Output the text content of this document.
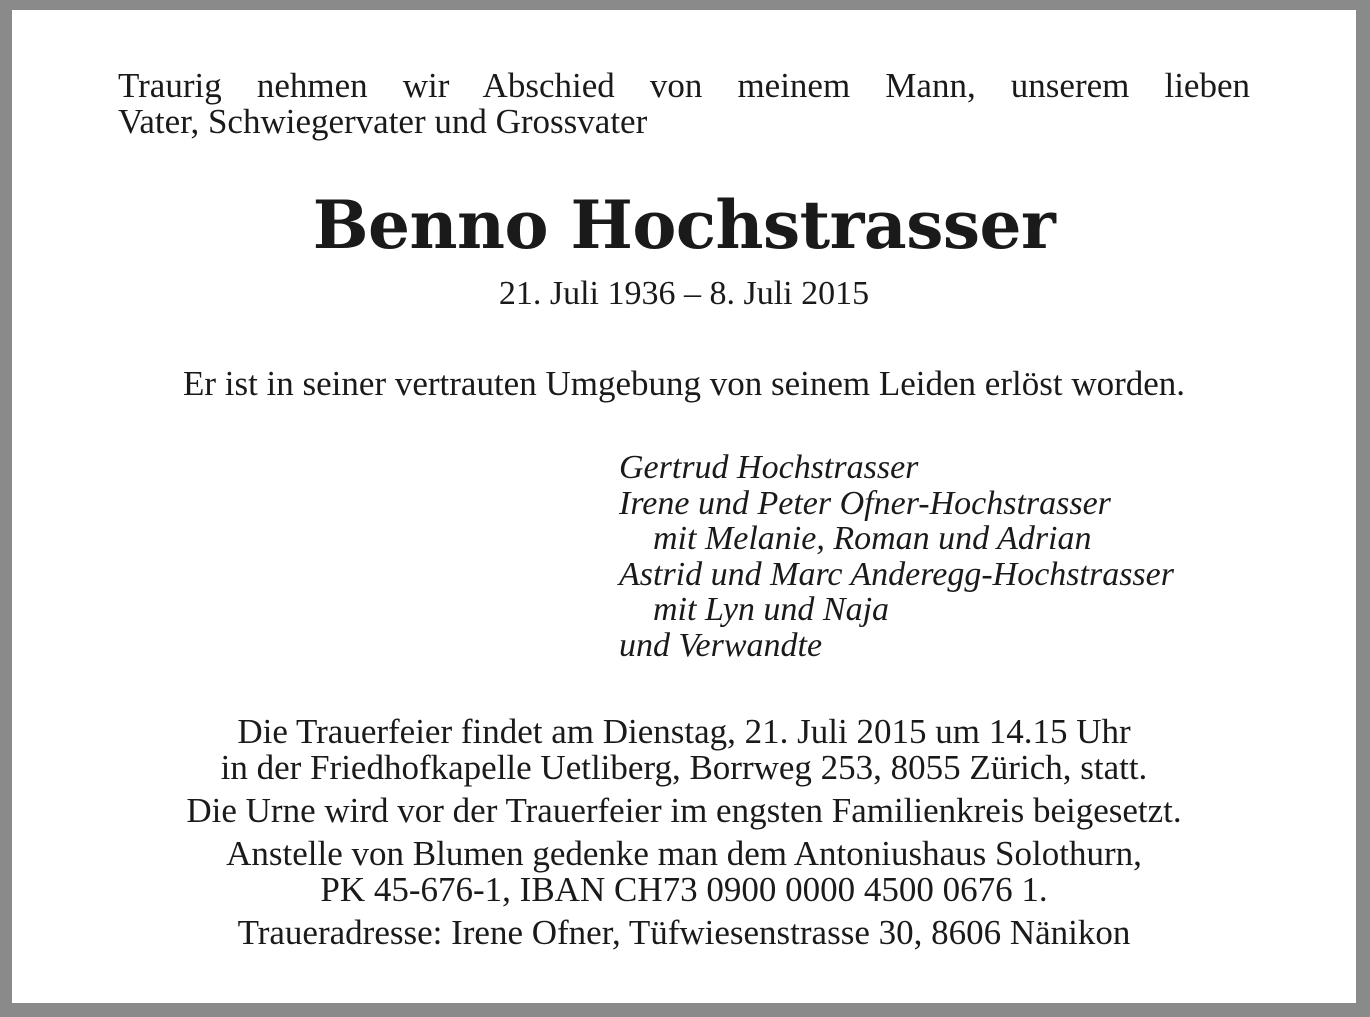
Traurig nehmen wir Abschied von meinem Mann, unserem lieben
Vater, Schwiegervater und Grossvater

Benno Hochstrasser

21. Juli 1936 – 8. Juli 2015

Er ist in seiner vertrauten Umgebung von seinem Leiden erlöst worden.

Gertrud Hochstrasser
Irene und Peter Ofner-Hochstrasser
mit Melanie, Roman und Adrian
Astrid und Marc Anderegg-Hochstrasser
mit Lyn und Naja
und Verwandte

Die Trauerfeier findet am Dienstag, 21. Juli 2015 um 14.15 Uhr

in der Friedhofkapelle Uetliberg, Borrweg 253, 8055 Zürich, statt.

Die Urne wird vor der Trauerfeier im engsten Familienkreis beigesetzt.

Anstelle von Blumen gedenke man dem Antoniushaus Solothurn,

PK 45-676-1, IBAN CH73 0900 0000 4500 0676 1.

Traueradresse: Irene Ofner, Tüfwiesenstrasse 30, 8606 Nänikon
